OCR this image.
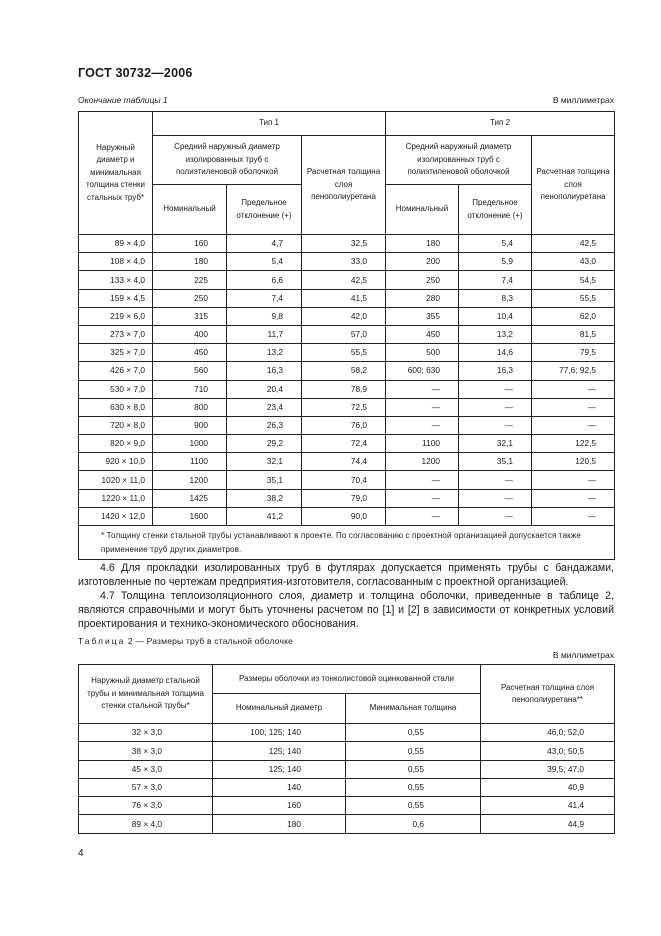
ГОСТ 30732—2006
Окончание таблицы 1	В миллиметрах
Наружный диаметр и минимальная толщина стенки стальных труб*	Тип 1			Тип 2		
	Средний наружный диаметр изолированных труб с полиэтиленовой оболочкой		Расчетная толщина слоя пенополиуретана	Средний наружный диаметр изолированных труб с полиэтиленовой оболочкой		Расчетная толщина слоя пенополиуретана
	Номинальный	Предельное отклонение (+)		Номинальный	Предельное отклонение (+)	
89 × 4,0	160	4,7	32,5	180	5,4	42,5
108 × 4,0	180	5,4	33,0	200	5,9	43,0
133 × 4,0	225	6,6	42,5	250	7,4	54,5
159 × 4,5	250	7,4	41,5	280	8,3	55,5
219 × 6,0	315	9,8	42,0	355	10,4	62,0
273 × 7,0	400	11,7	57,0	450	13,2	81,5
325 × 7,0	450	13,2	55,5	500	14,6	79,5
426 × 7,0	560	16,3	58,2	600; 630	16,3	77,6; 92,5
530 × 7,0	710	20,4	78,9	—	—	—
630 × 8,0	800	23,4	72,5	—	—	—
720 × 8,0	900	26,3	76,0	—	—	—
820 × 9,0	1000	29,2	72,4	1100	32,1	122,5
920 × 10,0	1100	32,1	74,4	1200	35,1	120,5
1020 × 11,0	1200	35,1	70,4	—	—	—
1220 × 11,0	1425	38,2	79,0	—	—	—
1420 × 12,0	1600	41,2	90,0	—	—	—
* Толщину стенки стальной трубы устанавливают в проекте. По согласованию с проектной организацией допускается также применение труб других диаметров.						
4.6 Для прокладки изолированных труб в футлярах допускается применять трубы с бандажами, изготовленные по чертежам предприятия-изготовителя, согласованным с проектной организацией.
4.7 Толщина теплоизоляционного слоя, диаметр и толщина оболочки, приведенные в таблице 2, являются справочными и могут быть уточнены расчетом по [1] и [2] в зависимости от конкретных условий проектирования и технико-экономического обоснования.
Таблица 2 — Размеры труб в стальной оболочке
В миллиметрах
Наружный диаметр стальной трубы и минимальная толщина стенки стальной трубы*	Размеры оболочки из тонколистовой оцинкованной стали		Расчетная толщина слоя пенополиуретана**
	Номинальный диаметр	Минимальная толщина	
32 × 3,0	100; 125; 140	0,55	46,0; 52,0
38 × 3,0	125; 140	0,55	43,0; 50,5
45 × 3,0	125; 140	0,55	39,5; 47,0
57 × 3,0	140	0,55	40,9
76 × 3,0	160	0,55	41,4
89 × 4,0	180	0,6	44,9
4
